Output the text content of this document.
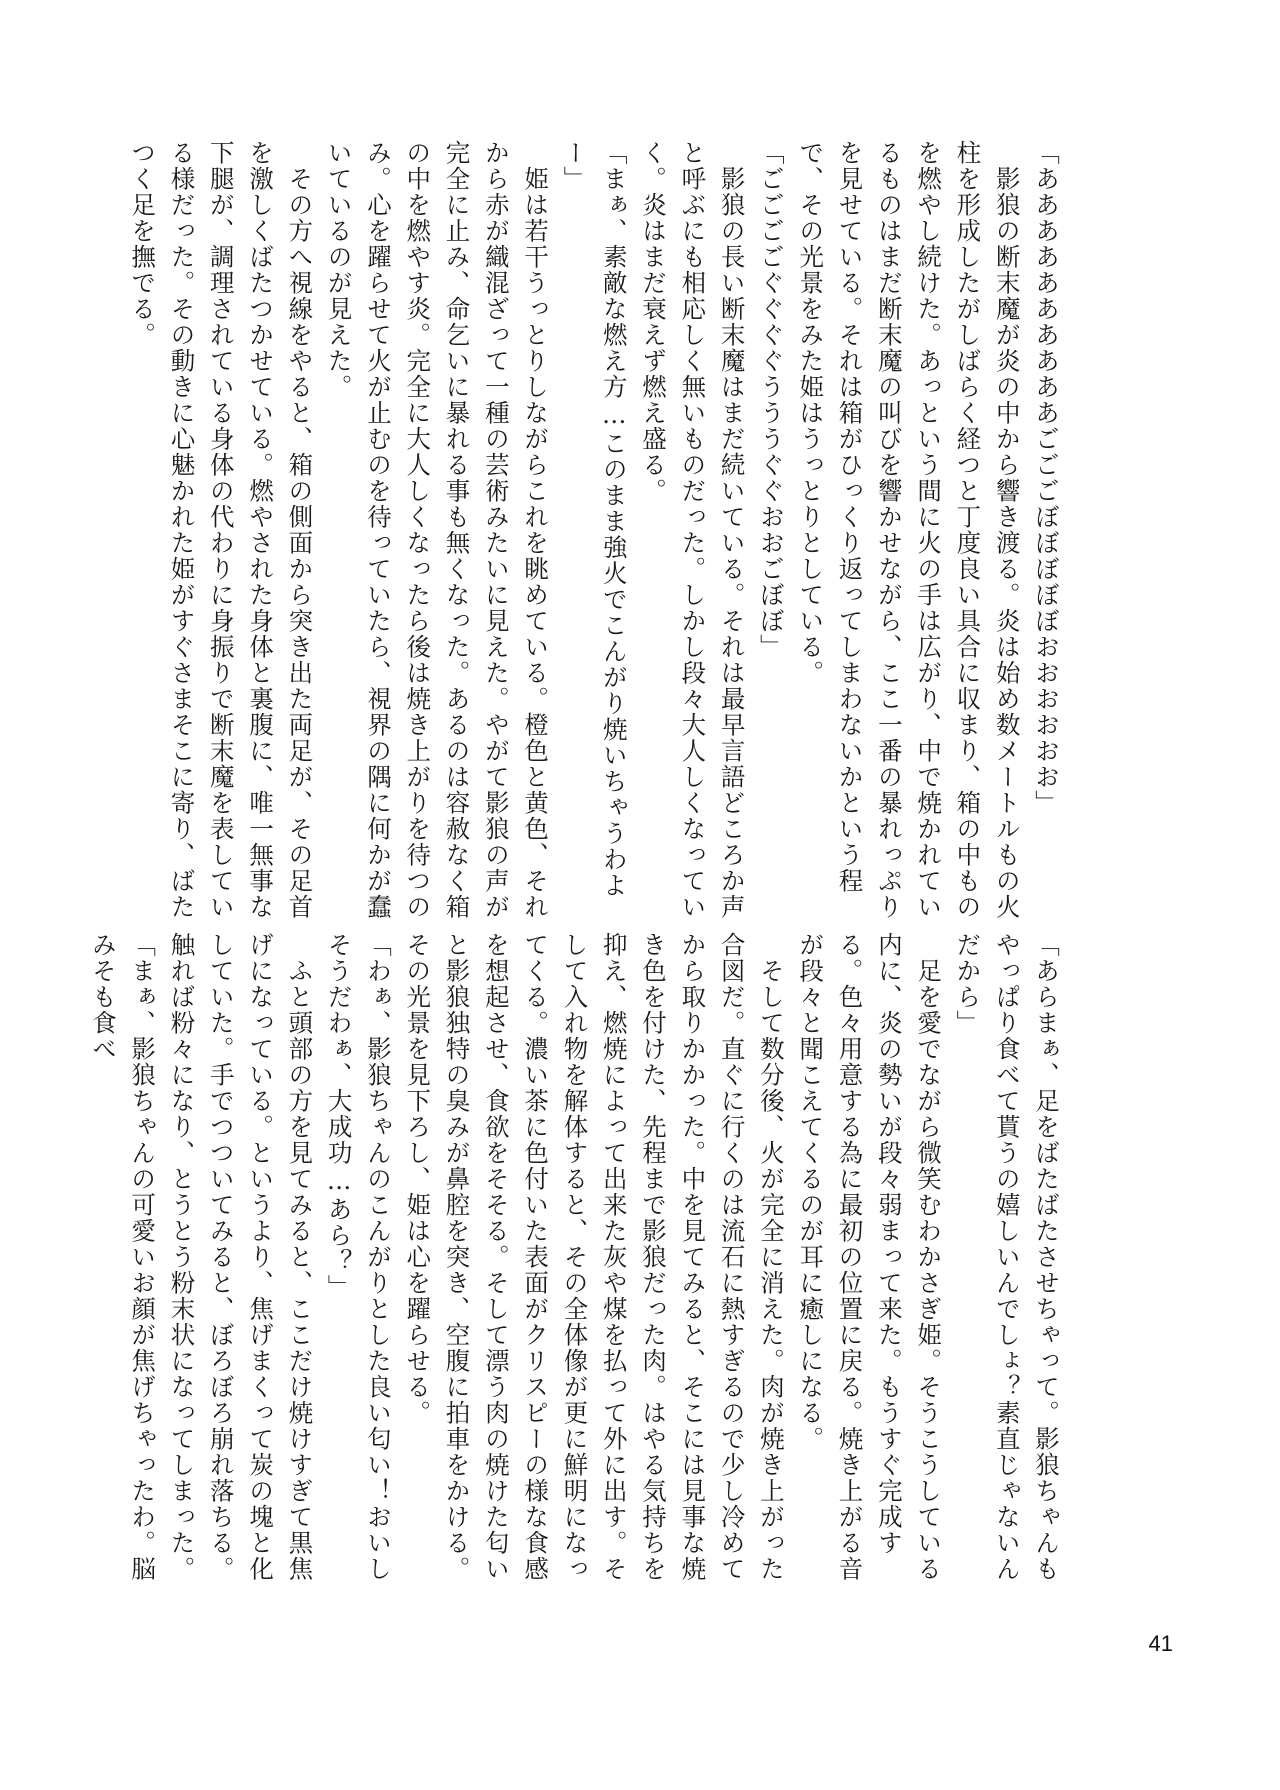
「ああああああああああごごごぼぼぼぼぼおおおおおお」

　影狼の断末魔が炎の中から響き渡る。炎は始め数メートルもの火柱を形成したがしばらく経つと丁度良い具合に収まり、箱の中ものを燃やし続けた。あっという間に火の手は広がり、中で焼かれているものはまだ断末魔の叫びを響かせながら、ここ一番の暴れっぷりを見せている。それは箱がひっくり返ってしまわないかという程で、その光景をみた姫はうっとりとしている。

「ごごごごぐぐぐぐうううぐぐおおごぼぼ」

　影狼の長い断末魔はまだ続いている。それは最早言語どころか声と呼ぶにも相応しく無いものだった。しかし段々大人しくなっていく。炎はまだ衰えず燃え盛る。

「まぁ、素敵な燃え方…このまま強火でこんがり焼いちゃうわよー」

　姫は若干うっとりしながらこれを眺めている。橙色と黄色、それから赤が織混ざって一種の芸術みたいに見えた。やがて影狼の声が完全に止み、命乞いに暴れる事も無くなった。あるのは容赦なく箱の中を燃やす炎。完全に大人しくなったら後は焼き上がりを待つのみ。心を躍らせて火が止むのを待っていたら、視界の隅に何かが蠢いているのが見えた。

　その方へ視線をやると、箱の側面から突き出た両足が、その足首を激しくばたつかせている。燃やされた身体と裏腹に、唯一無事な下腿が、調理されている身体の代わりに身振りで断末魔を表している様だった。その動きに心魅かれた姫がすぐさまそこに寄り、ばたつく足を撫でる。

「あらまぁ、足をばたばたさせちゃって。影狼ちゃんもやっぱり食べて貰うの嬉しいんでしょ？素直じゃないんだから」

　足を愛でながら微笑むわかさぎ姫。そうこうしている内に、炎の勢いが段々弱まって来た。もうすぐ完成する。色々用意する為に最初の位置に戻る。焼き上がる音が段々と聞こえてくるのが耳に癒しになる。

　そして数分後、火が完全に消えた。肉が焼き上がった合図だ。直ぐに行くのは流石に熱すぎるので少し冷めてから取りかかった。中を見てみると、そこには見事な焼き色を付けた、先程まで影狼だった肉。はやる気持ちを抑え、燃焼によって出来た灰や煤を払って外に出す。そして入れ物を解体すると、その全体像が更に鮮明になってくる。濃い茶に色付いた表面がクリスピーの様な食感を想起させ、食欲をそそる。そして漂う肉の焼けた匂いと影狼独特の臭みが鼻腔を突き、空腹に拍車をかける。その光景を見下ろし、姫は心を躍らせる。

「わぁ、影狼ちゃんのこんがりとした良い匂い！おいしそうだわぁ、大成功…あら？」

　ふと頭部の方を見てみると、ここだけ焼けすぎて黒焦げになっている。というより、焦げまくって炭の塊と化していた。手でつついてみると、ぼろぼろ崩れ落ちる。触れば粉々になり、とうとう粉末状になってしまった。

「まぁ、影狼ちゃんの可愛いお顔が焦げちゃったわ。脳みそも食べ

41
